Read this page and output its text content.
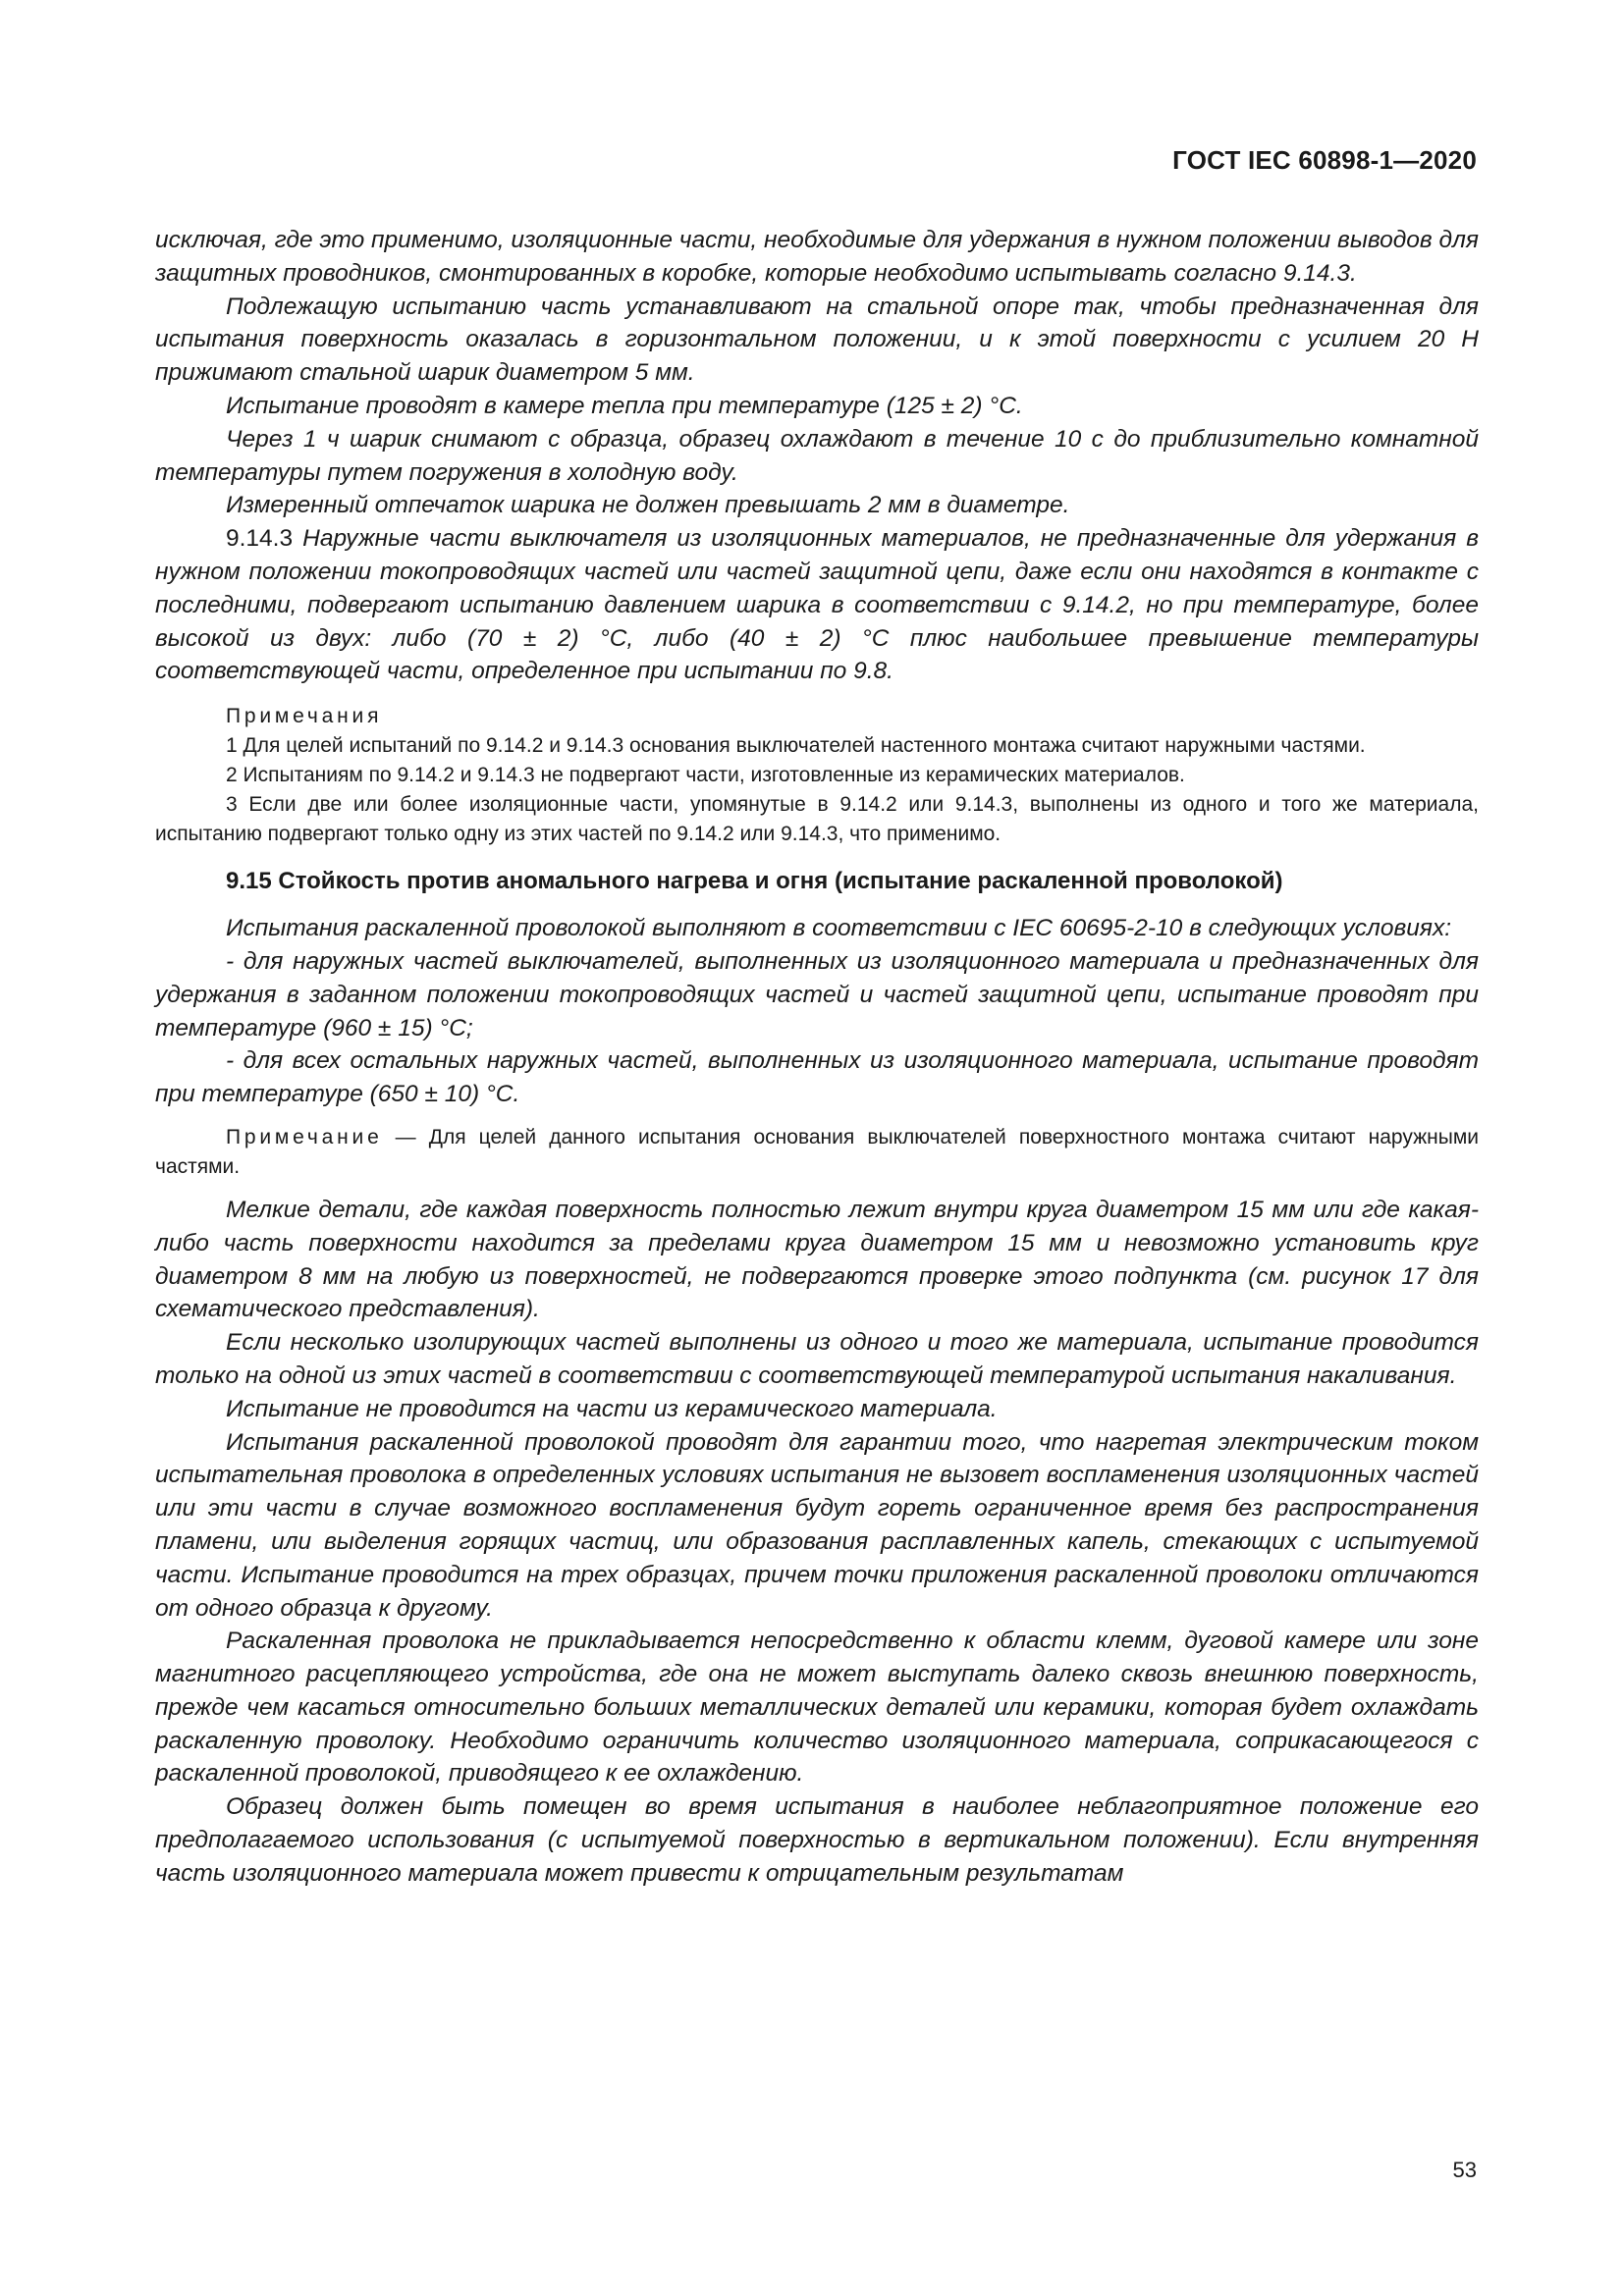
ГОСТ IEC 60898-1—2020

исключая, где это применимо, изоляционные части, необходимые для удержания в нужном положении выводов для защитных проводников, смонтированных в коробке, которые необходимо испытывать согласно 9.14.3.

Подлежащую испытанию часть устанавливают на стальной опоре так, чтобы предназначенная для испытания поверхность оказалась в горизонтальном положении, и к этой поверхности с усилием 20 Н прижимают стальной шарик диаметром 5 мм.

Испытание проводят в камере тепла при температуре (125 ± 2) °С.

Через 1 ч шарик снимают с образца, образец охлаждают в течение 10 с до приблизительно комнатной температуры путем погружения в холодную воду.

Измеренный отпечаток шарика не должен превышать 2 мм в диаметре.

9.14.3 Наружные части выключателя из изоляционных материалов, не предназначенные для удержания в нужном положении токопроводящих частей или частей защитной цепи, даже если они находятся в контакте с последними, подвергают испытанию давлением шарика в соответствии с 9.14.2, но при температуре, более высокой из двух: либо (70 ± 2) °С, либо (40 ± 2) °С плюс наибольшее превышение температуры соответствующей части, определенное при испытании по 9.8.

Примечания

1 Для целей испытаний по 9.14.2 и 9.14.3 основания выключателей настенного монтажа считают наружными частями.

2 Испытаниям по 9.14.2 и 9.14.3 не подвергают части, изготовленные из керамических материалов.

3 Если две или более изоляционные части, упомянутые в 9.14.2 или 9.14.3, выполнены из одного и того же материала, испытанию подвергают только одну из этих частей по 9.14.2 или 9.14.3, что применимо.

9.15 Стойкость против аномального нагрева и огня (испытание раскаленной проволокой)

Испытания раскаленной проволокой выполняют в соответствии с IEC 60695-2-10 в следующих условиях:

- для наружных частей выключателей, выполненных из изоляционного материала и предназначенных для удержания в заданном положении токопроводящих частей и частей защитной цепи, испытание проводят при температуре (960 ± 15) °С;

- для всех остальных наружных частей, выполненных из изоляционного материала, испытание проводят при температуре (650 ± 10) °С.

Примечание — Для целей данного испытания основания выключателей поверхностного монтажа считают наружными частями.

Мелкие детали, где каждая поверхность полностью лежит внутри круга диаметром 15 мм или где какая-либо часть поверхности находится за пределами круга диаметром 15 мм и невозможно установить круг диаметром 8 мм на любую из поверхностей, не подвергаются проверке этого подпункта (см. рисунок 17 для схематического представления).

Если несколько изолирующих частей выполнены из одного и того же материала, испытание проводится только на одной из этих частей в соответствии с соответствующей температурой испытания накаливания.

Испытание не проводится на части из керамического материала.

Испытания раскаленной проволокой проводят для гарантии того, что нагретая электрическим током испытательная проволока в определенных условиях испытания не вызовет воспламенения изоляционных частей или эти части в случае возможного воспламенения будут гореть ограниченное время без распространения пламени, или выделения горящих частиц, или образования расплавленных капель, стекающих с испытуемой части. Испытание проводится на трех образцах, причем точки приложения раскаленной проволоки отличаются от одного образца к другому.

Раскаленная проволока не прикладывается непосредственно к области клемм, дуговой камере или зоне магнитного расцепляющего устройства, где она не может выступать далеко сквозь внешнюю поверхность, прежде чем касаться относительно больших металлических деталей или керамики, которая будет охлаждать раскаленную проволоку. Необходимо ограничить количество изоляционного материала, соприкасающегося с раскаленной проволокой, приводящего к ее охлаждению.

Образец должен быть помещен во время испытания в наиболее неблагоприятное положение его предполагаемого использования (с испытуемой поверхностью в вертикальном положении). Если внутренняя часть изоляционного материала может привести к отрицательным результатам

53
